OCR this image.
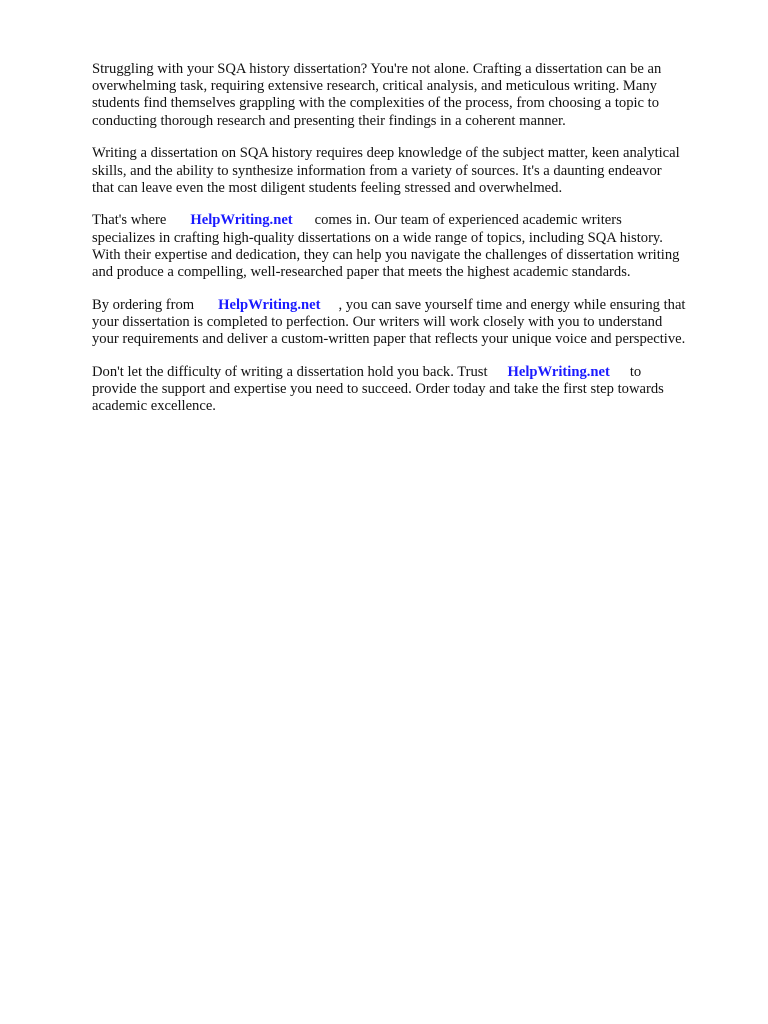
Struggling with your SQA history dissertation? You're not alone. Crafting a dissertation can be an
overwhelming task, requiring extensive research, critical analysis, and meticulous writing. Many
students find themselves grappling with the complexities of the process, from choosing a topic to
conducting thorough research and presenting their findings in a coherent manner.

Writing a dissertation on SQA history requires deep knowledge of the subject matter, keen analytical
skills, and the ability to synthesize information from a variety of sources. It's a daunting endeavor
that can leave even the most diligent students feeling stressed and overwhelmed.

That's where HelpWriting.net comes in. Our team of experienced academic writers
specializes in crafting high-quality dissertations on a wide range of topics, including SQA history.
With their expertise and dedication, they can help you navigate the challenges of dissertation writing
and produce a compelling, well-researched paper that meets the highest academic standards.

By ordering from HelpWriting.net , you can save yourself time and energy while ensuring that
your dissertation is completed to perfection. Our writers will work closely with you to understand
your requirements and deliver a custom-written paper that reflects your unique voice and perspective.

Don't let the difficulty of writing a dissertation hold you back. Trust HelpWriting.net to
provide the support and expertise you need to succeed. Order today and take the first step towards
academic excellence.
